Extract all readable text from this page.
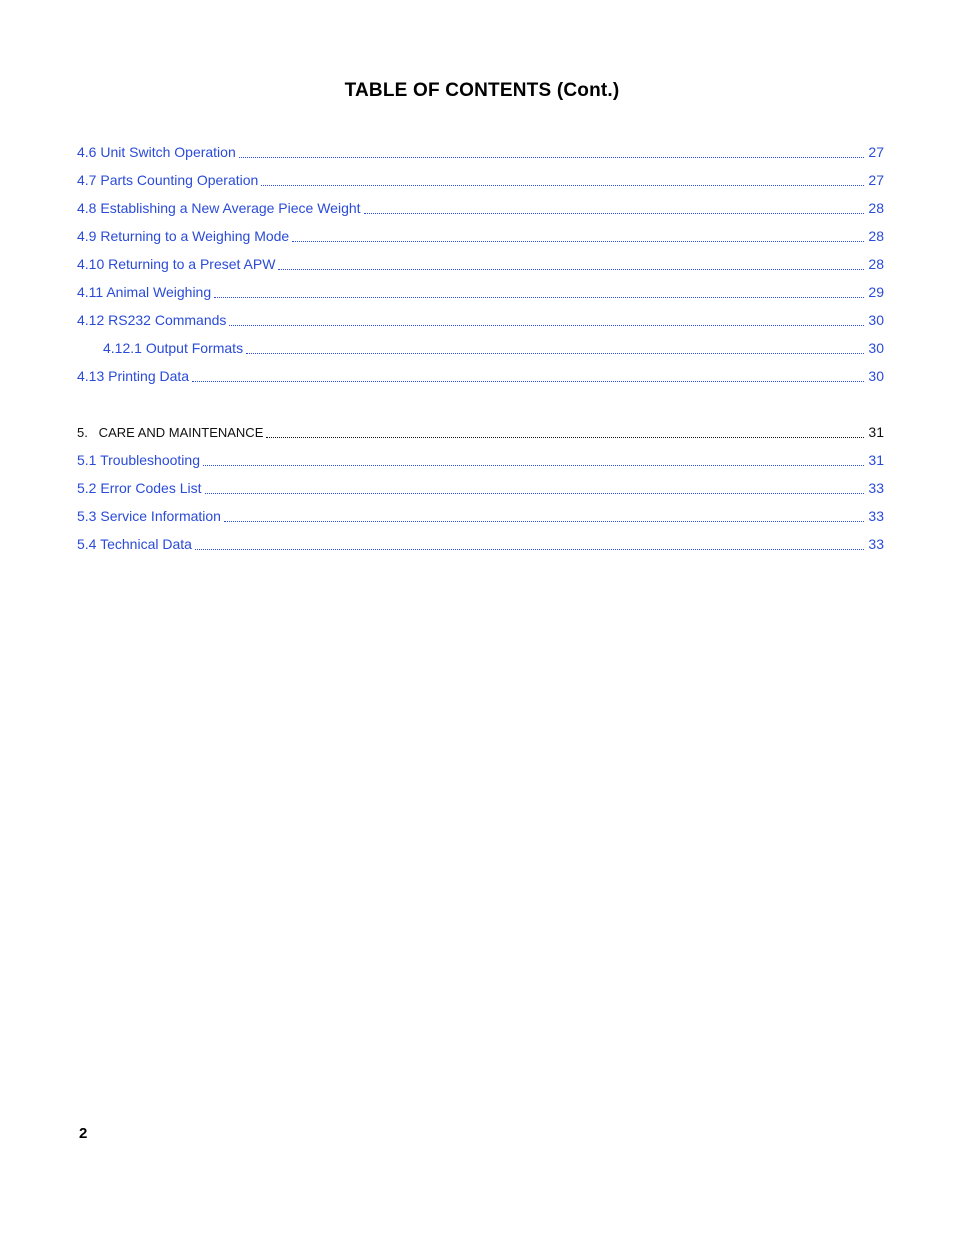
TABLE OF CONTENTS (Cont.)
4.6 Unit Switch Operation	27
4.7 Parts Counting Operation	27
4.8 Establishing a New Average Piece Weight	28
4.9 Returning to a Weighing Mode	28
4.10 Returning to a Preset APW	28
4.11 Animal Weighing	29
4.12 RS232 Commands	30
4.12.1 Output Formats	30
4.13 Printing Data	30
5.   CARE AND MAINTENANCE	31
5.1 Troubleshooting	31
5.2 Error Codes List	33
5.3 Service Information	33
5.4 Technical Data	33
2
